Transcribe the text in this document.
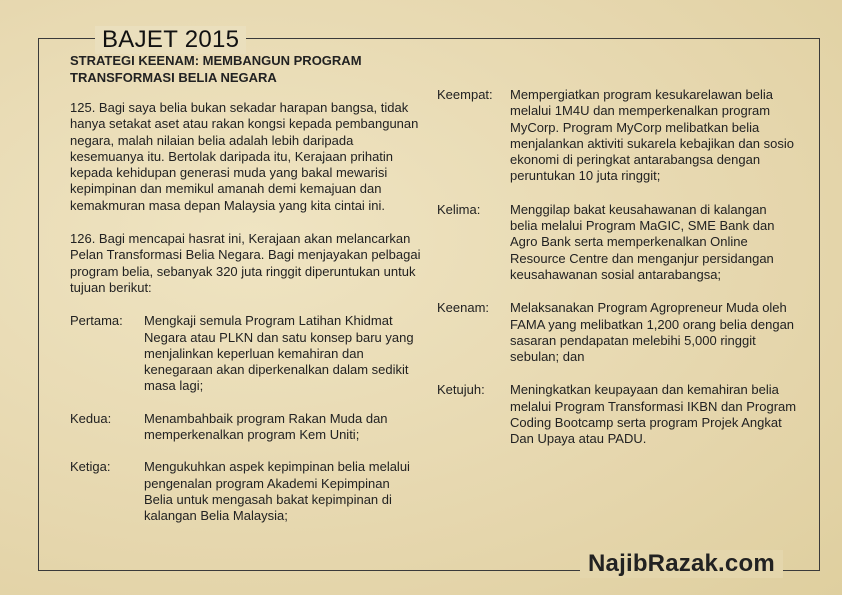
BAJET 2015

STRATEGI KEENAM: MEMBANGUN PROGRAM

TRANSFORMASI BELIA NEGARA

125. Bagi saya belia bukan sekadar harapan bangsa, tidak hanya setakat aset atau rakan kongsi kepada pembangunan negara, malah nilaian belia adalah lebih daripada kesemuanya itu. Bertolak daripada itu, Kerajaan prihatin kepada kehidupan generasi muda yang bakal mewarisi kepimpinan dan memikul amanah demi kemajuan dan kemakmuran masa depan Malaysia yang kita cintai ini.

126. Bagi mencapai hasrat ini, Kerajaan akan melancarkan Pelan Transformasi Belia Negara. Bagi menjayakan pelbagai program belia, sebanyak 320 juta ringgit diperuntukan untuk tujuan berikut:

Pertama:	Mengkaji semula Program Latihan Khidmat Negara atau PLKN dan satu konsep baru yang menjalinkan keperluan kemahiran dan kenegaraan akan diperkenalkan dalam sedikit masa lagi;
Kedua:	Menambahbaik program Rakan Muda dan memperkenalkan program Kem Uniti;
Ketiga:	Mengukuhkan aspek kepimpinan belia melalui pengenalan program Akademi Kepimpinan Belia untuk mengasah bakat kepimpinan di kalangan Belia Malaysia;
Keempat:	Mempergiatkan program kesukarelawan belia melalui 1M4U dan memperkenalkan program MyCorp. Program MyCorp melibatkan belia menjalankan aktiviti sukarela kebajikan dan sosio ekonomi di peringkat antarabangsa dengan peruntukan 10 juta ringgit;
Kelima:	Menggilap bakat keusahawanan di kalangan belia melalui Program MaGIC, SME Bank dan Agro Bank serta memperkenalkan Online Resource Centre dan menganjur persidangan keusahawanan sosial antarabangsa;
Keenam:	Melaksanakan Program Agropreneur Muda oleh FAMA yang melibatkan 1,200 orang belia dengan sasaran pendapatan melebihi 5,000 ringgit sebulan; dan
Ketujuh:	Meningkatkan keupayaan dan kemahiran belia melalui Program Transformasi IKBN dan Program Coding Bootcamp serta program Projek Angkat Dan Upaya atau PADU.
NajibRazak.com
